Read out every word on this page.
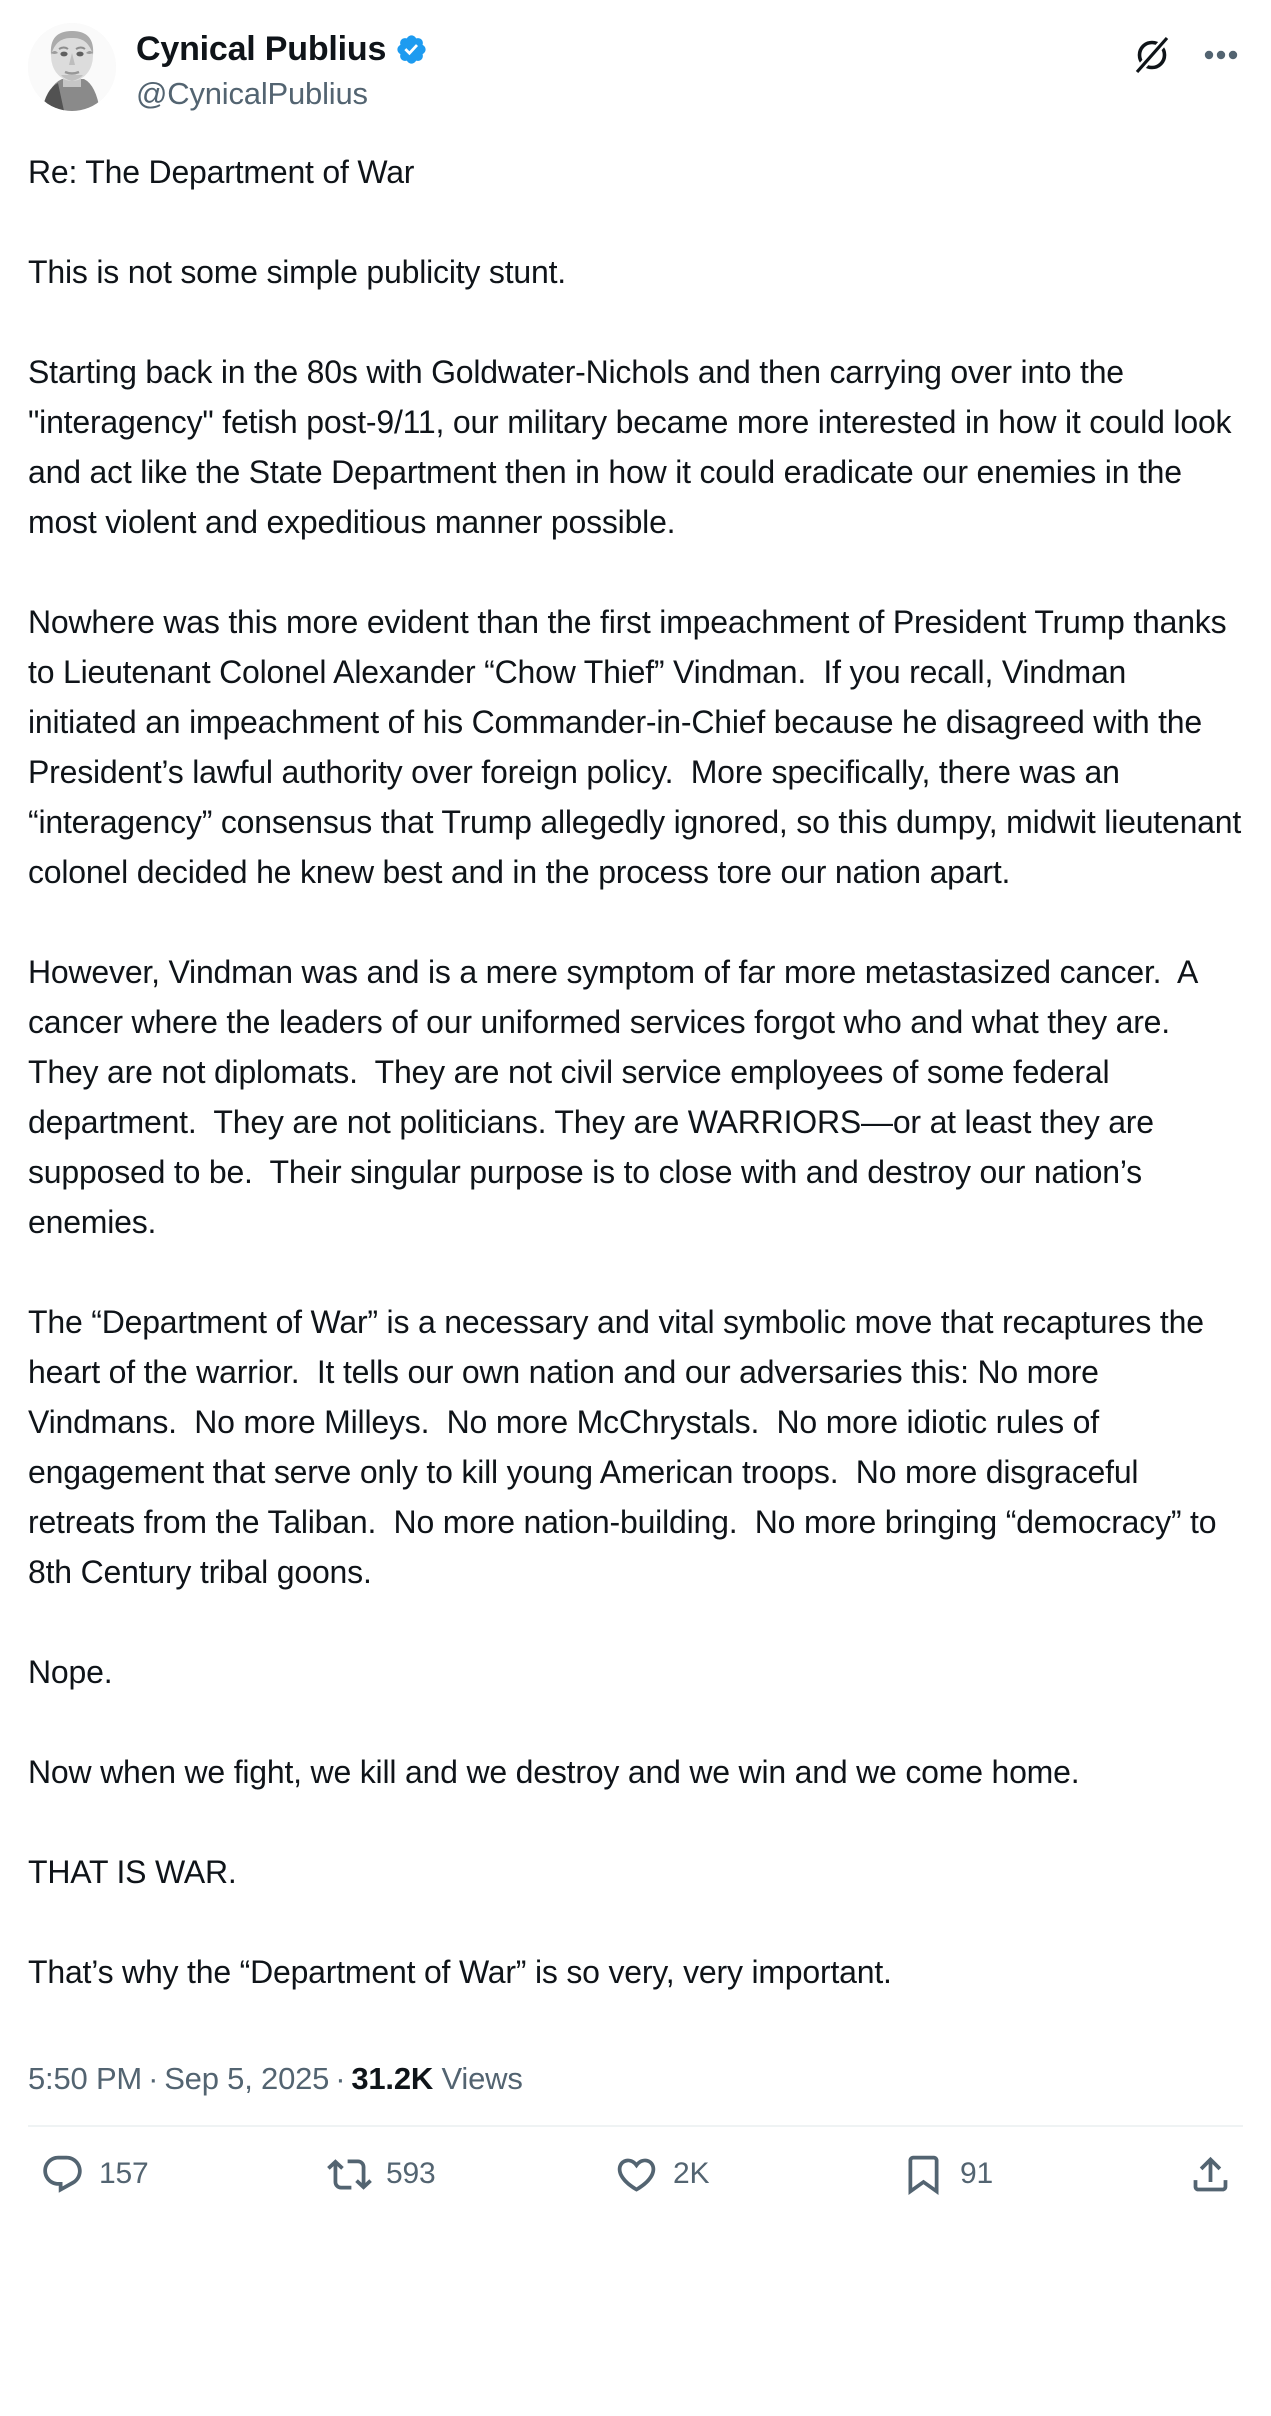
Cynical Publius
@CynicalPublius

Re: The Department of War

This is not some simple publicity stunt.

Starting back in the 80s with Goldwater-Nichols and then carrying over into the "interagency" fetish post-9/11, our military became more interested in how it could look and act like the State Department then in how it could eradicate our enemies in the most violent and expeditious manner possible.

Nowhere was this more evident than the first impeachment of President Trump thanks to Lieutenant Colonel Alexander “Chow Thief” Vindman.  If you recall, Vindman initiated an impeachment of his Commander-in-Chief because he disagreed with the President’s lawful authority over foreign policy.  More specifically, there was an “interagency” consensus that Trump allegedly ignored, so this dumpy, midwit lieutenant colonel decided he knew best and in the process tore our nation apart.

However, Vindman was and is a mere symptom of far more metastasized cancer.  A cancer where the leaders of our uniformed services forgot who and what they are.  They are not diplomats.  They are not civil service employees of some federal department.  They are not politicians. They are WARRIORS—or at least they are supposed to be.  Their singular purpose is to close with and destroy our nation’s enemies.

The “Department of War” is a necessary and vital symbolic move that recaptures the heart of the warrior.  It tells our own nation and our adversaries this: No more Vindmans.  No more Milleys.  No more McChrystals.  No more idiotic rules of engagement that serve only to kill young American troops.  No more disgraceful retreats from the Taliban.  No more nation-building.  No more bringing “democracy” to 8th Century tribal goons.

Nope.

Now when we fight, we kill and we destroy and we win and we come home.

THAT IS WAR.

That’s why the “Department of War” is so very, very important.

5:50 PM · Sep 5, 2025 · 31.2K Views
157	593	2K	91
